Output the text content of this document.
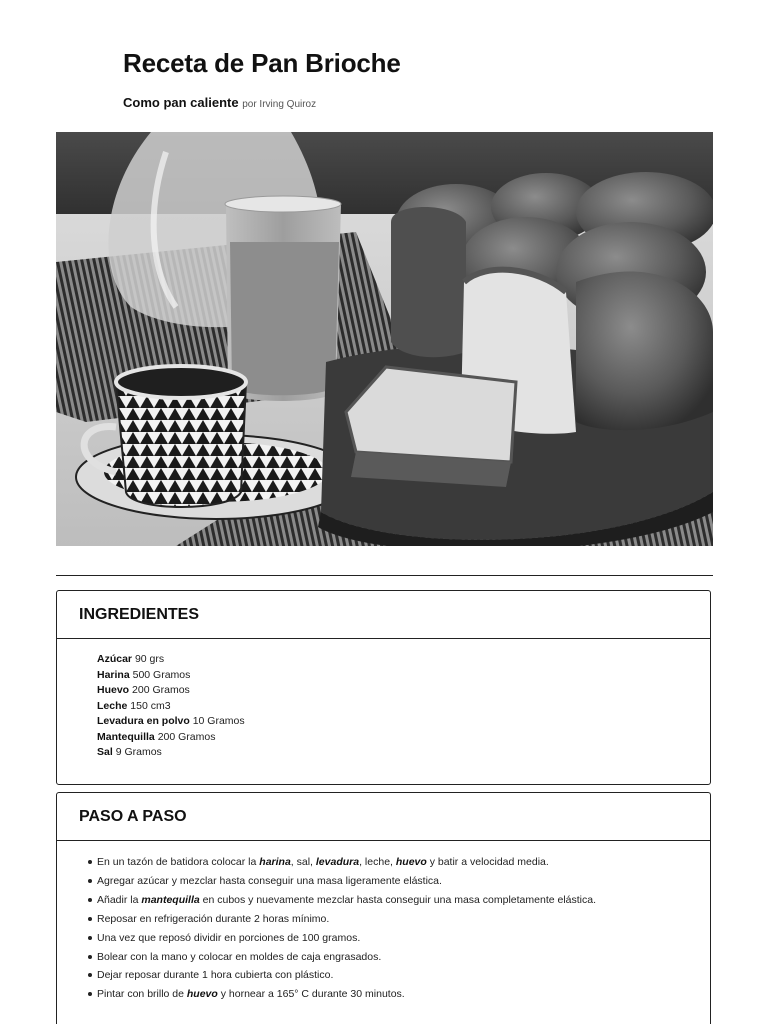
Receta de Pan Brioche

Como pan caliente por Irving Quiroz

INGREDIENTES
Azúcar 90 grs
Harina 500 Gramos
Huevo 200 Gramos
Leche 150 cm3
Levadura en polvo 10 Gramos
Mantequilla 200 Gramos
Sal 9 Gramos
PASO A PASO
En un tazón de batidora colocar la harina, sal, levadura, leche, huevo y batir a velocidad media.
Agregar azúcar y mezclar hasta conseguir una masa ligeramente elástica.
Añadir la mantequilla en cubos y nuevamente mezclar hasta conseguir una masa completamente elástica.
Reposar en refrigeración durante 2 horas mínimo.
Una vez que reposó dividir en porciones de 100 gramos.
Bolear con la mano y colocar en moldes de caja engrasados.
Dejar reposar durante 1 hora cubierta con plástico.
Pintar con brillo de huevo y hornear a 165° C durante 30 minutos.
